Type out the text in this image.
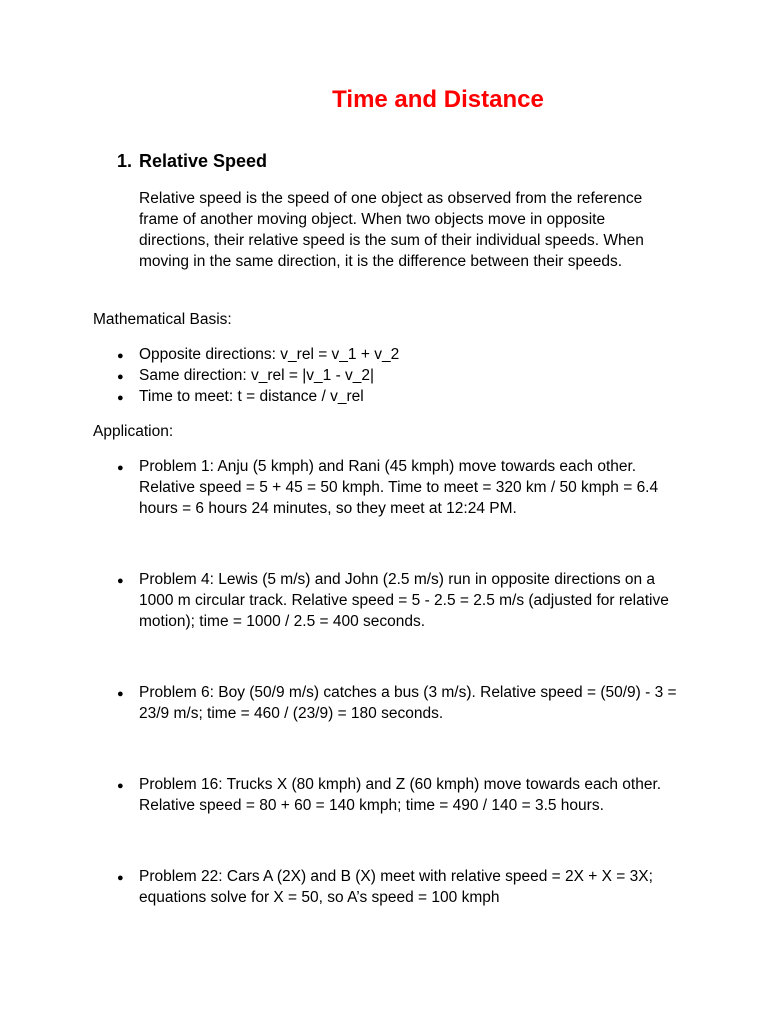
Time and Distance
1. Relative Speed

Relative speed is the speed of one object as observed from the reference frame of another moving object. When two objects move in opposite directions, their relative speed is the sum of their individual speeds. When moving in the same direction, it is the difference between their speeds.

Mathematical Basis:

●
Opposite directions: v_rel = v_1 + v_2
●
Same direction: v_rel = |v_1 - v_2|
●
Time to meet: t = distance / v_rel

Application:

●
Problem 1: Anju (5 kmph) and Rani (45 kmph) move towards each other. Relative speed = 5 + 45 = 50 kmph. Time to meet = 320 km / 50 kmph = 6.4 hours = 6 hours 24 minutes, so they meet at 12:24 PM.
●
Problem 4: Lewis (5 m/s) and John (2.5 m/s) run in opposite directions on a 1000 m circular track. Relative speed = 5 - 2.5 = 2.5 m/s (adjusted for relative motion); time = 1000 / 2.5 = 400 seconds.
●
Problem 6: Boy (50/9 m/s) catches a bus (3 m/s). Relative speed = (50/9) - 3 = 23/9 m/s; time = 460 / (23/9) = 180 seconds.
●
Problem 16: Trucks X (80 kmph) and Z (60 kmph) move towards each other. Relative speed = 80 + 60 = 140 kmph; time = 490 / 140 = 3.5 hours.
●
Problem 22: Cars A (2X) and B (X) meet with relative speed = 2X + X = 3X; equations solve for X = 50, so A’s speed = 100 kmph
